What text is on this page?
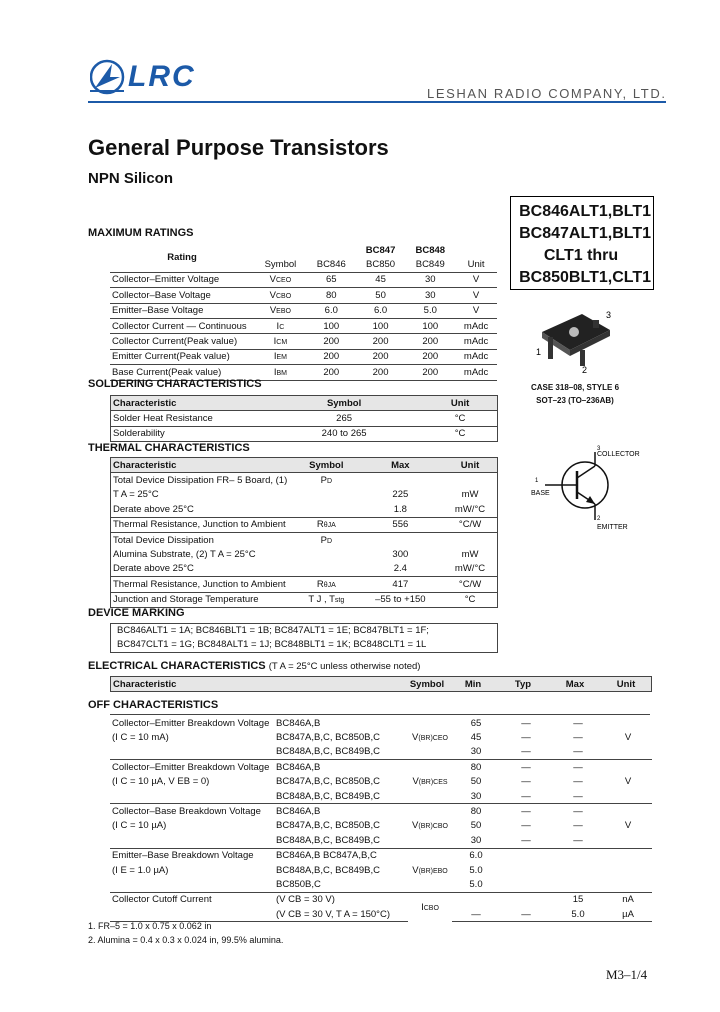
LRC
LESHAN RADIO COMPANY, LTD.
General Purpose Transistors
NPN Silicon
BC846ALT1,BLT1
BC847ALT1,BLT1
CLT1 thru
BC850BLT1,CLT1
3
1
2
CASE 318–08, STYLE 6
SOT–23 (TO–236AB)
3
COLLECTOR
1
BASE
2
EMITTER
MAXIMUM RATINGS
Rating			BC847	BC848	
	Symbol	BC846	BC850	BC849	Unit
Collector–Emitter Voltage	VCEO	65	45	30	V
Collector–Base Voltage	VCBO	80	50	30	V
Emitter–Base Voltage	VEBO	6.0	6.0	5.0	V
Collector Current — Continuous	IC	100	100	100	mAdc
Collector Current(Peak value)	ICM	200	200	200	mAdc
Emitter Current(Peak value)	IEM	200	200	200	mAdc
Base Current(Peak value)	IBM	200	200	200	mAdc
SOLDERING CHARACTERISTICS
Characteristic	Symbol	Unit
Solder Heat Resistance	265	°C
Solderability	240 to 265	°C
THERMAL CHARACTERISTICS
Characteristic	Symbol	Max	Unit
Total Device Dissipation FR– 5 Board, (1)	PD		
T A = 25°C		225	mW
Derate above 25°C		1.8	mW/°C
Thermal Resistance, Junction to Ambient	RθJA	556	°C/W
Total Device Dissipation	PD		
Alumina Substrate, (2) T A = 25°C		300	mW
Derate above 25°C		2.4	mW/°C
Thermal Resistance, Junction to Ambient	RθJA	417	°C/W
Junction and Storage Temperature	T J , Tstg	–55 to +150	°C
DEVICE MARKING
BC846ALT1 = 1A; BC846BLT1 = 1B; BC847ALT1 = 1E; BC847BLT1 = 1F;
BC847CLT1 = 1G; BC848ALT1 = 1J; BC848BLT1 = 1K; BC848CLT1 = 1L
ELECTRICAL CHARACTERISTICS (T A = 25°C unless otherwise noted)
Characteristic	Symbol	Min	Typ	Max	Unit
OFF CHARACTERISTICS
Collector–Emitter Breakdown Voltage	BC846A,B		65	—	—	
(I C = 10 mA)	BC847A,B,C, BC850B,C	V(BR)CEO	45	—	—	V
	BC848A,B,C, BC849B,C		30	—	—	
Collector–Emitter Breakdown Voltage	BC846A,B		80	—	—	
(I C = 10 µA, V EB = 0)	BC847A,B,C, BC850B,C	V(BR)CES	50	—	—	V
	BC848A,B,C, BC849B,C		30	—	—	
Collector–Base Breakdown Voltage	BC846A,B		80	—	—	
(I C = 10 µA)	BC847A,B,C, BC850B,C	V(BR)CBO	50	—	—	V
	BC848A,B,C, BC849B,C		30	—	—	
Emitter–Base Breakdown Voltage	BC846A,B BC847A,B,C		6.0			
(I E = 1.0 µA)	BC848A,B,C, BC849B,C	V(BR)EBO	5.0			
	BC850B,C		5.0			
Collector Cutoff Current	(V CB = 30 V)	ICBO			15	nA
	(V CB = 30 V, T A = 150°C)		—	—	5.0	µA
1. FR–5 = 1.0 x 0.75 x 0.062 in
2. Alumina = 0.4 x 0.3 x 0.024 in, 99.5% alumina.
M3–1/4
